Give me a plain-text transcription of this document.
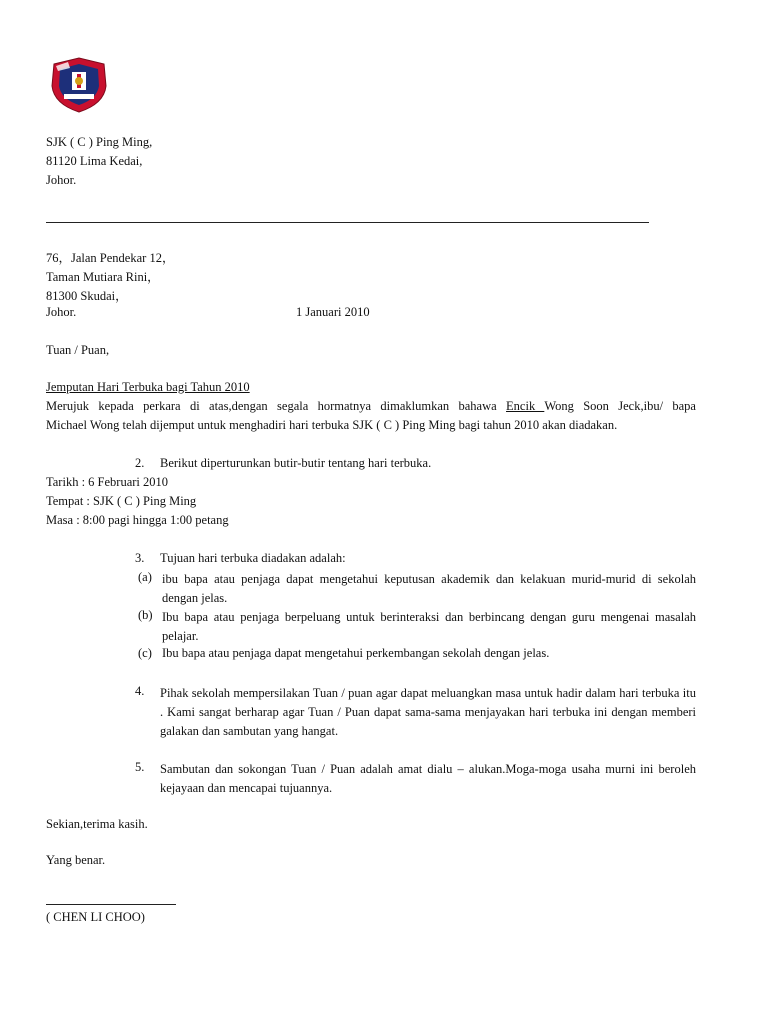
SJK ( C ) Ping Ming,

81120 Lima Kedai,

Johor.

76，Jalan Pendekar 12，

Taman Mutiara Rini，

81300 Skudai，

Johor.	1 Januari 2010

Tuan / Puan,

Jemputan Hari Terbuka bagi Tahun 2010

Merujuk kepada perkara di atas,dengan segala hormatnya dimaklumkan bahawa Encik Wong Soon Jeck,ibu/ bapa

Michael Wong telah dijemput untuk menghadiri hari terbuka SJK ( C ) Ping Ming bagi tahun 2010 akan diadakan.

2. Berikut diperturunkan butir-butir tentang hari terbuka.

Tarikh : 6 Februari 2010

Tempat : SJK ( C ) Ping Ming

Masa : 8:00 pagi hingga 1:00 petang

3. Tujuan hari terbuka diadakan adalah:

(a) ibu bapa atau penjaga dapat mengetahui keputusan akademik dan kelakuan murid-murid di sekolah dengan jelas.

(b) Ibu bapa atau penjaga berpeluang untuk berinteraksi dan berbincang dengan guru mengenai masalah pelajar.

(c) Ibu bapa atau penjaga dapat mengetahui perkembangan sekolah dengan jelas.

4. Pihak sekolah mempersilakan Tuan / puan agar dapat meluangkan masa untuk hadir dalam hari terbuka itu . Kami sangat berharap agar Tuan / Puan dapat sama-sama menjayakan hari terbuka ini dengan memberi galakan dan sambutan yang hangat.

5. Sambutan dan sokongan Tuan / Puan adalah amat dialu – alukan.Moga-moga usaha murni ini beroleh kejayaan dan mencapai tujuannya.

Sekian,terima kasih.

Yang benar.

( CHEN LI CHOO)
